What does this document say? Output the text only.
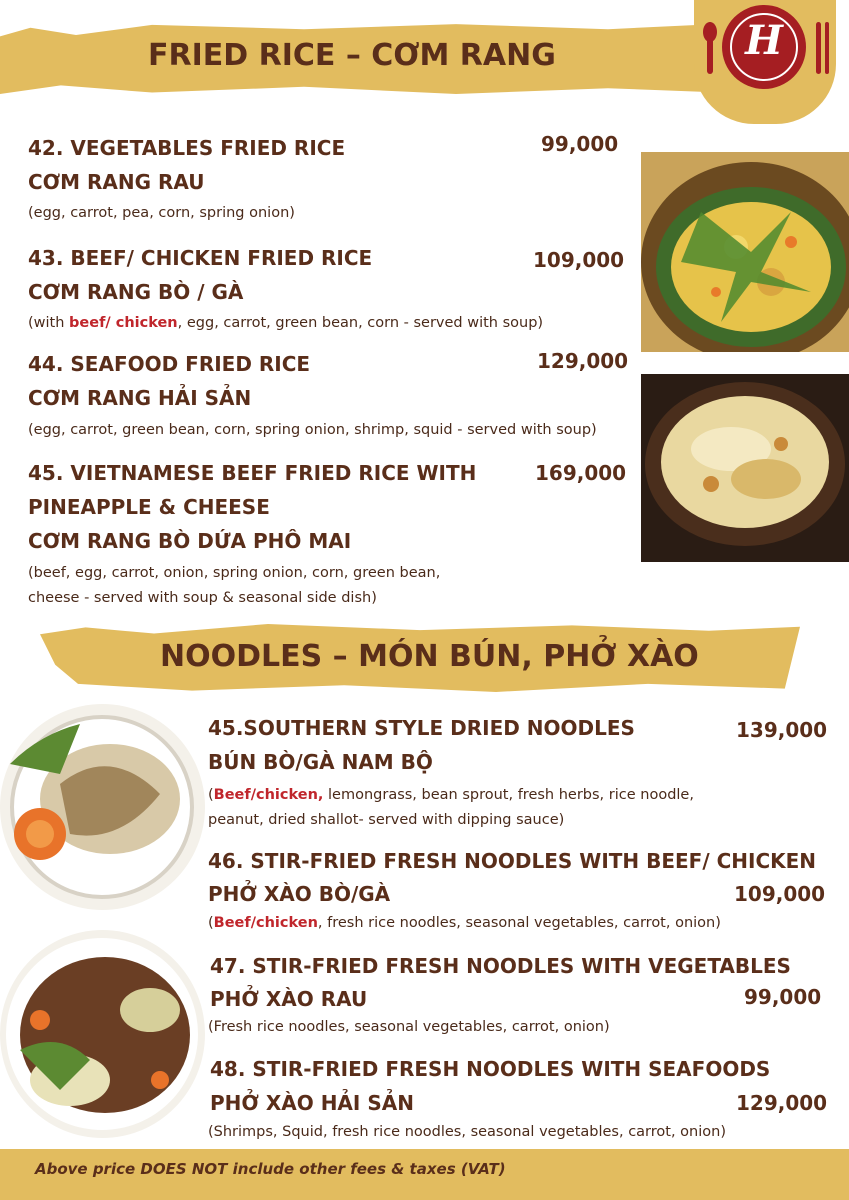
FRIED RICE – CƠM RANG	H
42. VEGETABLES FRIED RICE	99,000
CƠM RANG RAU
(egg, carrot, pea, corn, spring onion)
43. BEEF/ CHICKEN FRIED RICE	109,000
CƠM RANG BÒ / GÀ
(with beef/ chicken, egg, carrot, green bean, corn - served with soup)
44. SEAFOOD FRIED RICE	129,000
CƠM RANG HẢI SẢN
(egg, carrot, green bean, corn, spring onion, shrimp, squid - served with soup)
45. VIETNAMESE BEEF FRIED RICE WITH	169,000
PINEAPPLE & CHEESE
CƠM RANG BÒ DỨA PHÔ MAI
(beef, egg, carrot, onion, spring onion, corn, green bean,
cheese - served with soup & seasonal side dish)
NOODLES – MÓN BÚN, PHỞ XÀO
45.SOUTHERN STYLE DRIED NOODLES	139,000
BÚN BÒ/GÀ NAM BỘ
(Beef/chicken, lemongrass, bean sprout, fresh herbs, rice noodle,
peanut, dried shallot- served with dipping sauce)
46. STIR-FRIED FRESH NOODLES WITH BEEF/ CHICKEN
PHỞ XÀO BÒ/GÀ	109,000
(Beef/chicken, fresh rice noodles, seasonal vegetables, carrot, onion)
47. STIR-FRIED FRESH NOODLES WITH VEGETABLES
PHỞ XÀO RAU	99,000
(Fresh rice noodles, seasonal vegetables, carrot, onion)
48. STIR-FRIED FRESH NOODLES WITH SEAFOODS
PHỞ XÀO HẢI SẢN	129,000
(Shrimps, Squid, fresh rice noodles, seasonal vegetables, carrot, onion)
Above price DOES NOT include other fees & taxes (VAT)
